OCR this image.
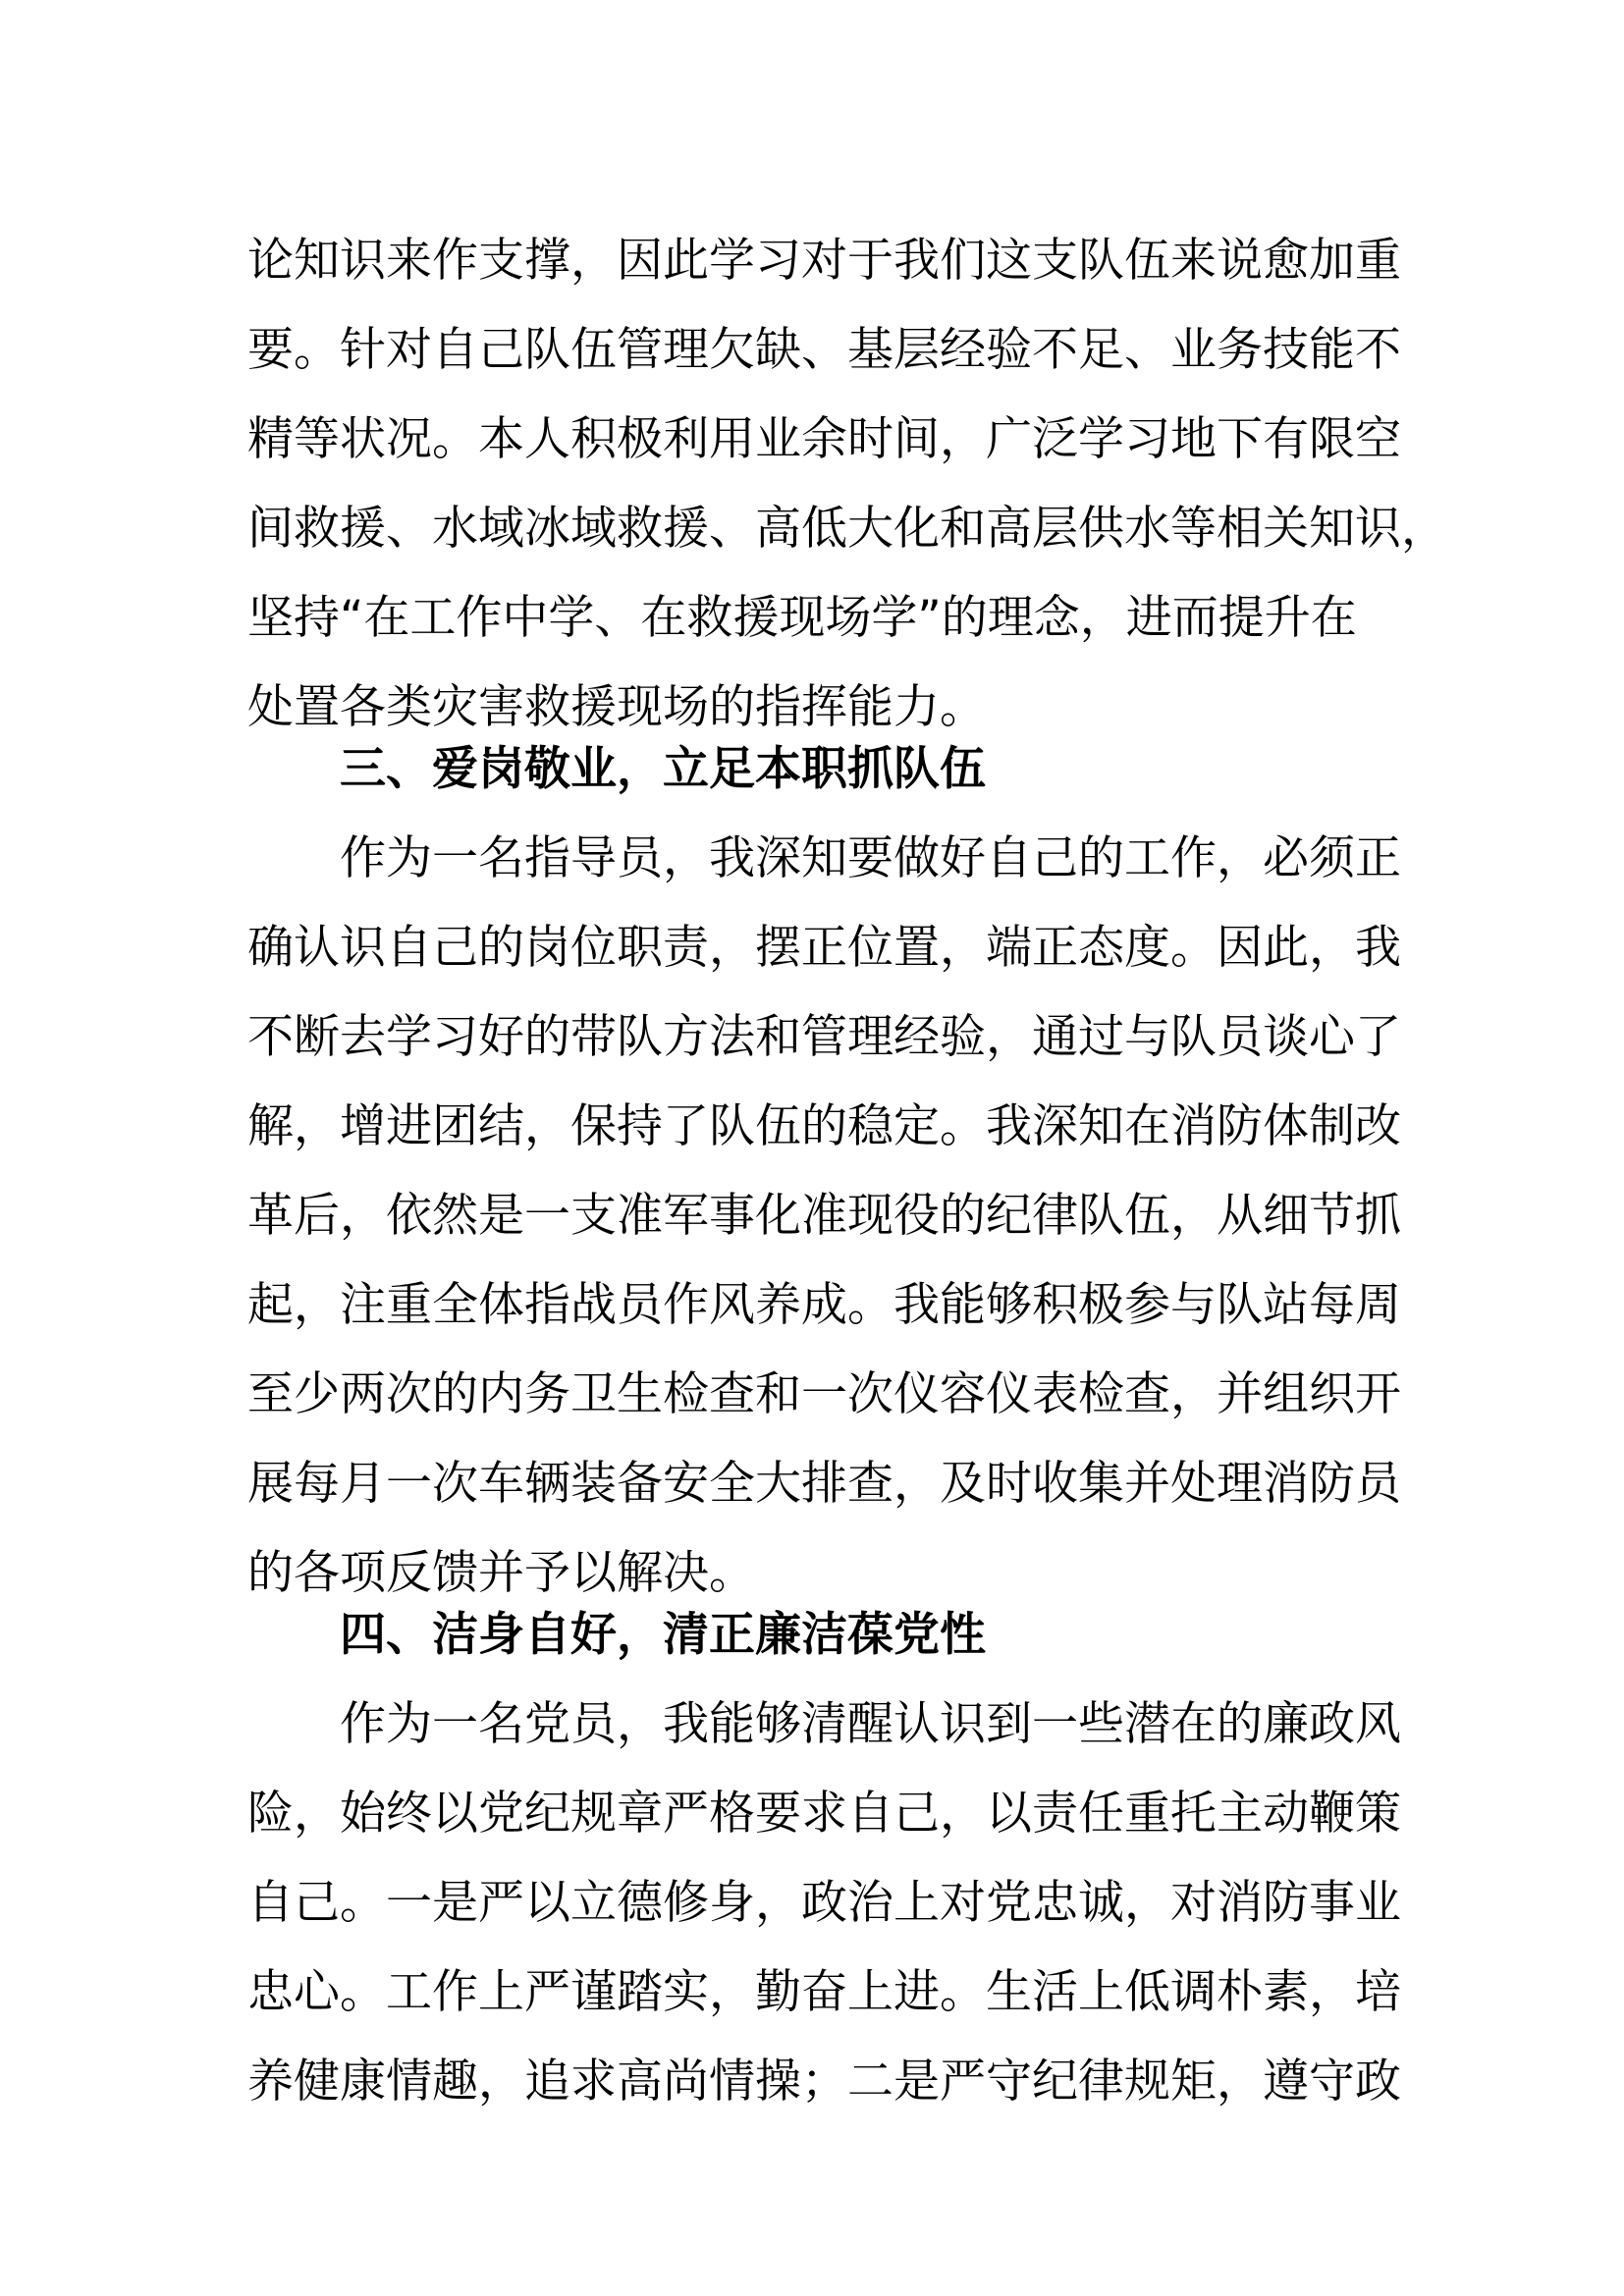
论知识来作支撑，因此学习对于我们这支队伍来说愈加重
要。针对自己队伍管理欠缺、基层经验不足、业务技能不
精等状况。本人积极利用业余时间，广泛学习地下有限空
间救援、水域冰域救援、高低大化和高层供水等相关知识，
坚持“在工作中学、在救援现场学”的理念，进而提升在
处置各类灾害救援现场的指挥能力。
三、爱岗敬业，立足本职抓队伍
作为一名指导员，我深知要做好自己的工作，必须正
确认识自己的岗位职责，摆正位置，端正态度。因此，我
不断去学习好的带队方法和管理经验，通过与队员谈心了
解，增进团结，保持了队伍的稳定。我深知在消防体制改
革后，依然是一支准军事化准现役的纪律队伍，从细节抓
起，注重全体指战员作风养成。我能够积极参与队站每周
至少两次的内务卫生检查和一次仪容仪表检查，并组织开
展每月一次车辆装备安全大排查，及时收集并处理消防员
的各项反馈并予以解决。
四、洁身自好，清正廉洁葆党性
作为一名党员，我能够清醒认识到一些潜在的廉政风
险，始终以党纪规章严格要求自己，以责任重托主动鞭策
自己。一是严以立德修身，政治上对党忠诚，对消防事业
忠心。工作上严谨踏实，勤奋上进。生活上低调朴素，培
养健康情趣，追求高尚情操；二是严守纪律规矩，遵守政
